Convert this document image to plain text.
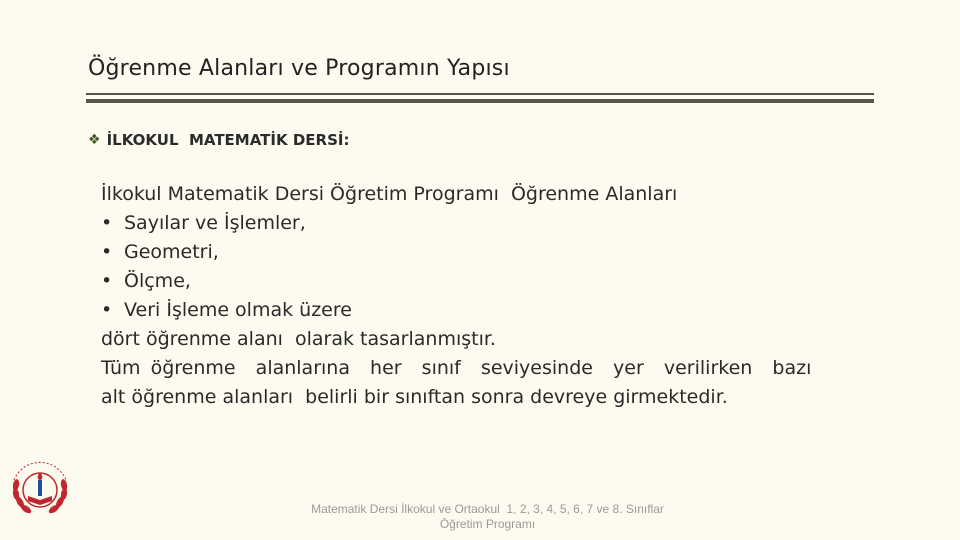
Öğrenme Alanları ve Programın Yapısı
❖ İLKOKUL  MATEMATİK DERSİ:
İlkokul Matematik Dersi Öğretim Programı  Öğrenme Alanları
• Sayılar ve İşlemler,
• Geometri,
• Ölçme,
• Veri İşleme olmak üzere
dört öğrenme alanı  olarak tasarlanmıştır.
Tüm öğrenme  alanlarına  her  sınıf  seviyesinde  yer  verilirken  bazı
alt öğrenme alanları  belirli bir sınıftan sonra devreye girmektedir.
Matematik Dersi İlkokul ve Ortaokul  1, 2, 3, 4, 5, 6, 7 ve 8. Sınıflar
Öğretim Programı
